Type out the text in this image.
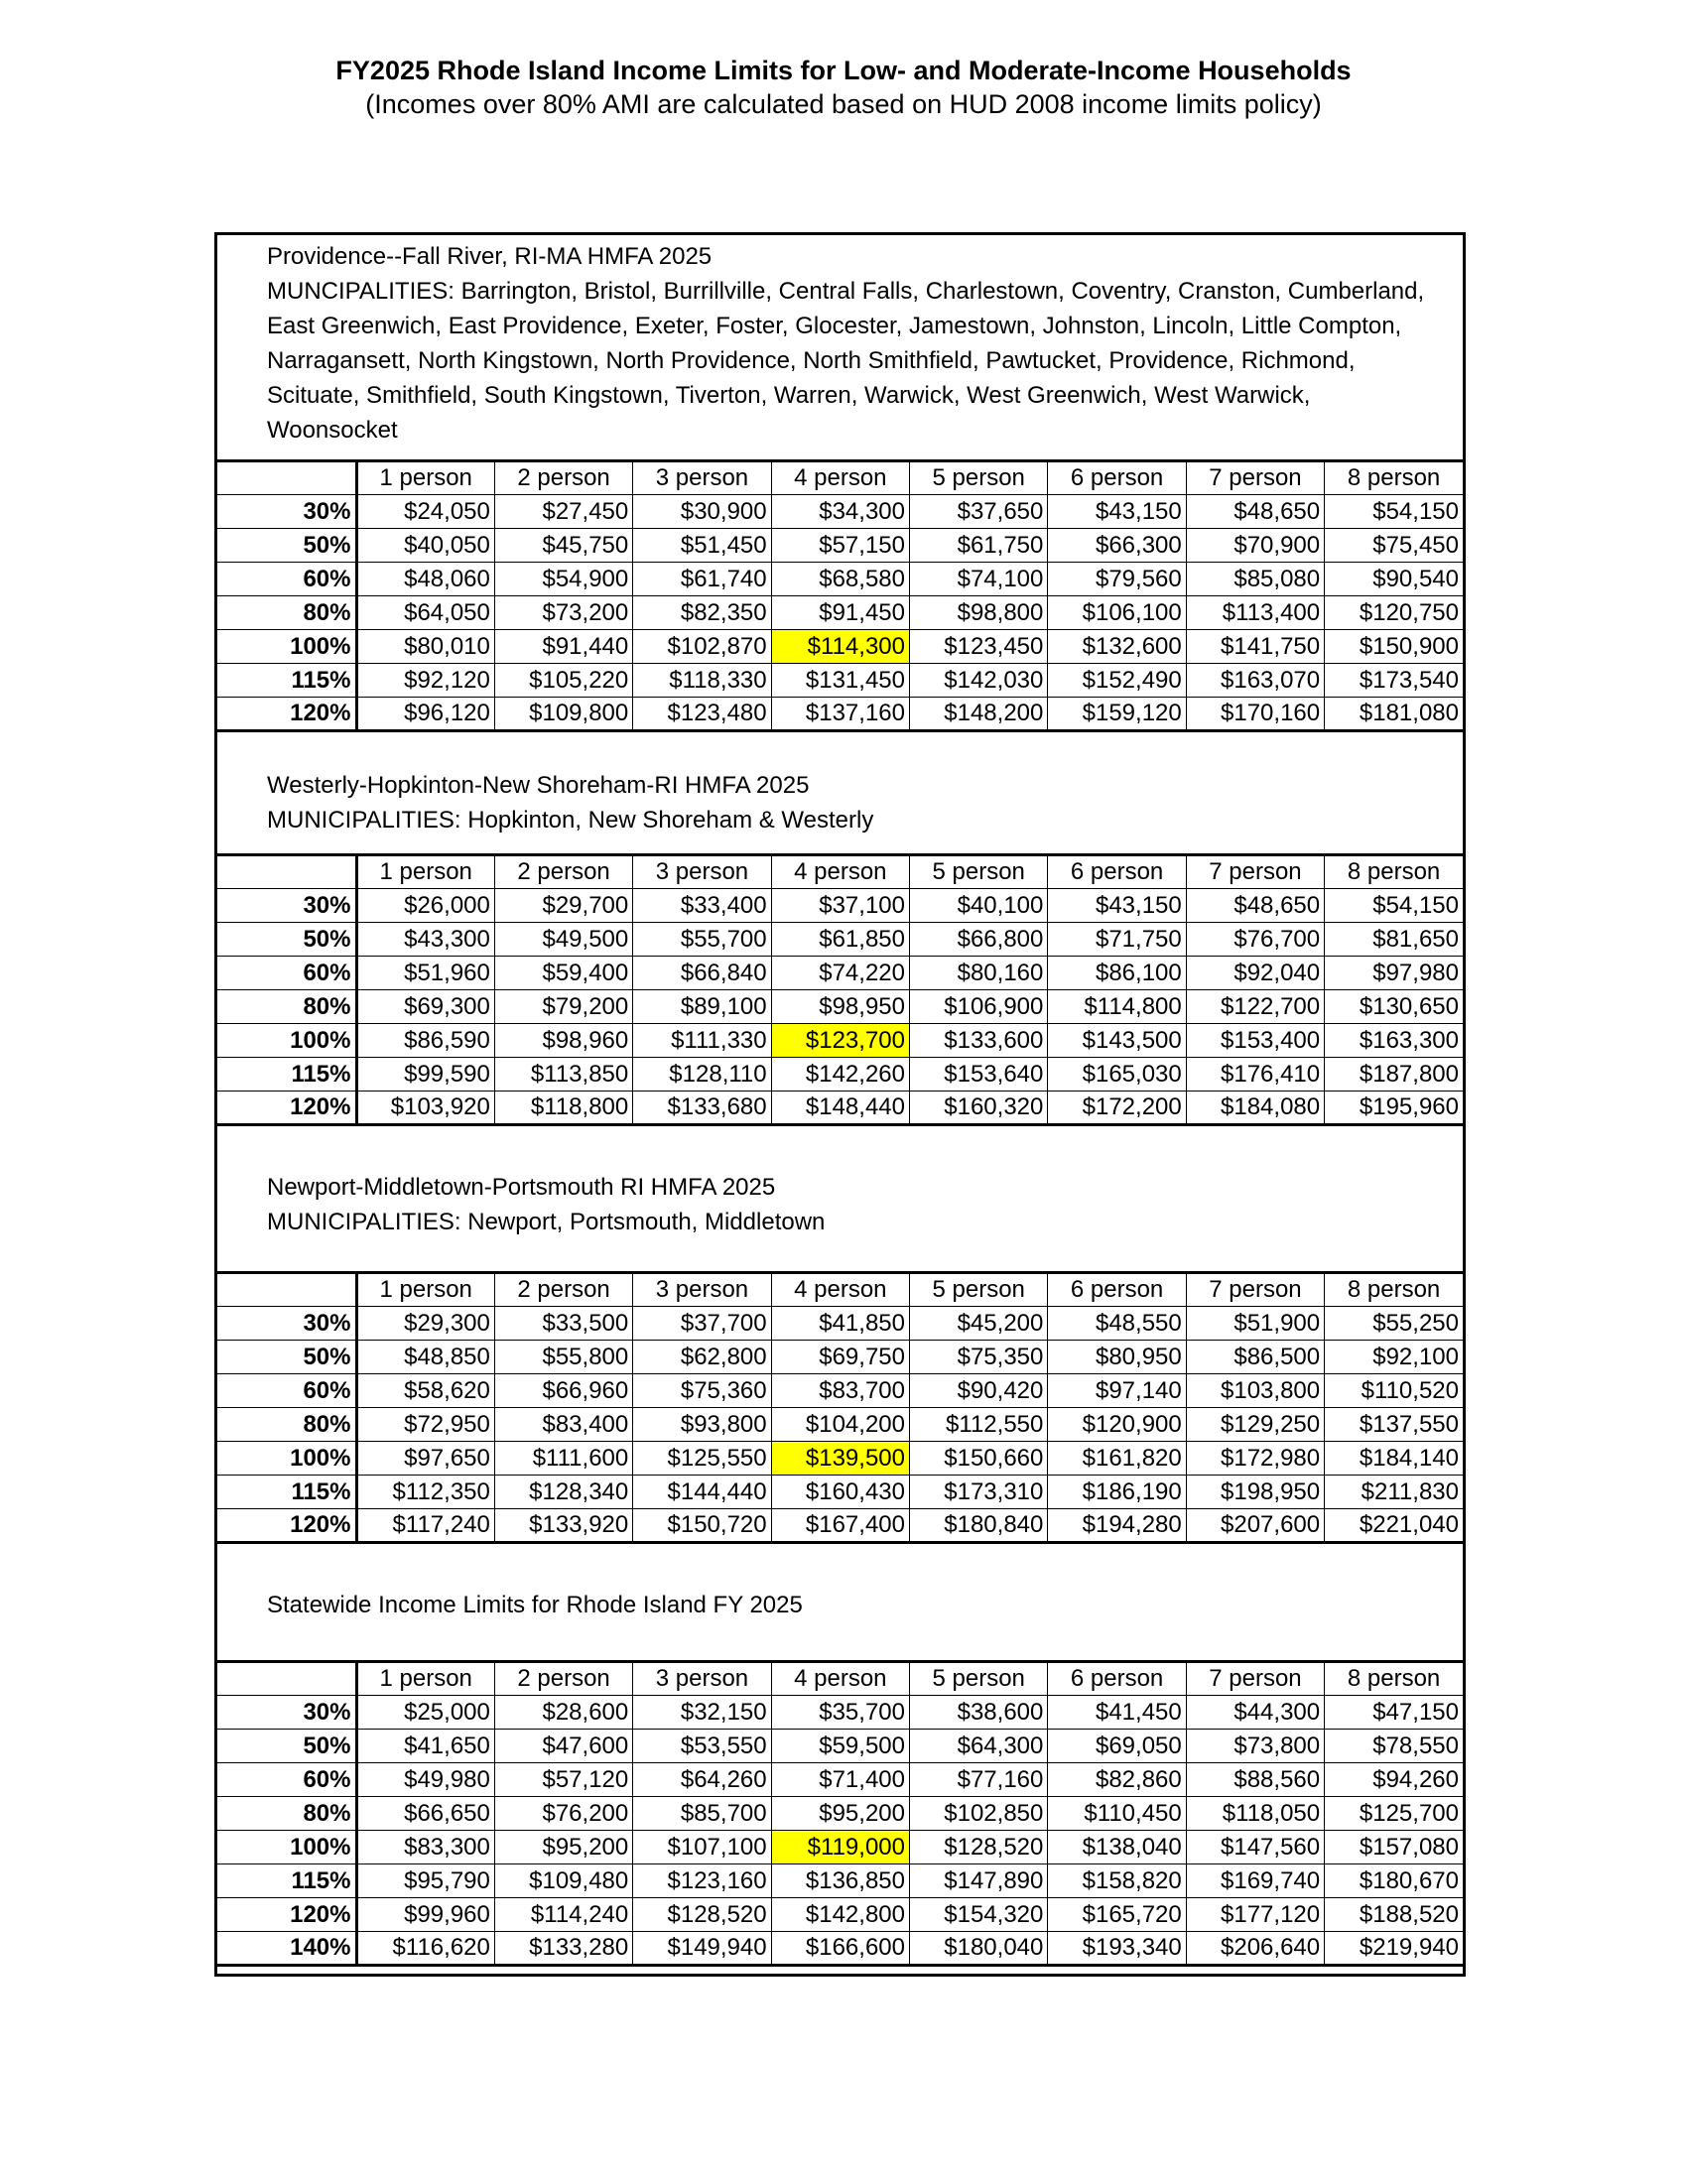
FY2025 Rhode Island Income Limits for Low- and Moderate-Income Households
(Incomes over 80% AMI are calculated based on HUD 2008 income limits policy)
Providence--Fall River, RI-MA HMFA 2025
MUNCIPALITIES: Barrington, Bristol, Burrillville, Central Falls, Charlestown, Coventry, Cranston, Cumberland,
East Greenwich, East Providence, Exeter, Foster, Glocester, Jamestown, Johnston, Lincoln, Little Compton,
Narragansett, North Kingstown, North Providence, North Smithfield, Pawtucket, Providence, Richmond,
Scituate, Smithfield, South Kingstown, Tiverton, Warren, Warwick, West Greenwich, West Warwick,
Woonsocket
	1 person	2 person	3 person	4 person	5 person	6 person	7 person	8 person
30%	$24,050	$27,450	$30,900	$34,300	$37,650	$43,150	$48,650	$54,150
50%	$40,050	$45,750	$51,450	$57,150	$61,750	$66,300	$70,900	$75,450
60%	$48,060	$54,900	$61,740	$68,580	$74,100	$79,560	$85,080	$90,540
80%	$64,050	$73,200	$82,350	$91,450	$98,800	$106,100	$113,400	$120,750
100%	$80,010	$91,440	$102,870	$114,300	$123,450	$132,600	$141,750	$150,900
115%	$92,120	$105,220	$118,330	$131,450	$142,030	$152,490	$163,070	$173,540
120%	$96,120	$109,800	$123,480	$137,160	$148,200	$159,120	$170,160	$181,080
Westerly-Hopkinton-New Shoreham-RI HMFA 2025
MUNICIPALITIES: Hopkinton, New Shoreham & Westerly
	1 person	2 person	3 person	4 person	5 person	6 person	7 person	8 person
30%	$26,000	$29,700	$33,400	$37,100	$40,100	$43,150	$48,650	$54,150
50%	$43,300	$49,500	$55,700	$61,850	$66,800	$71,750	$76,700	$81,650
60%	$51,960	$59,400	$66,840	$74,220	$80,160	$86,100	$92,040	$97,980
80%	$69,300	$79,200	$89,100	$98,950	$106,900	$114,800	$122,700	$130,650
100%	$86,590	$98,960	$111,330	$123,700	$133,600	$143,500	$153,400	$163,300
115%	$99,590	$113,850	$128,110	$142,260	$153,640	$165,030	$176,410	$187,800
120%	$103,920	$118,800	$133,680	$148,440	$160,320	$172,200	$184,080	$195,960
Newport-Middletown-Portsmouth RI HMFA 2025
MUNICIPALITIES: Newport, Portsmouth, Middletown
	1 person	2 person	3 person	4 person	5 person	6 person	7 person	8 person
30%	$29,300	$33,500	$37,700	$41,850	$45,200	$48,550	$51,900	$55,250
50%	$48,850	$55,800	$62,800	$69,750	$75,350	$80,950	$86,500	$92,100
60%	$58,620	$66,960	$75,360	$83,700	$90,420	$97,140	$103,800	$110,520
80%	$72,950	$83,400	$93,800	$104,200	$112,550	$120,900	$129,250	$137,550
100%	$97,650	$111,600	$125,550	$139,500	$150,660	$161,820	$172,980	$184,140
115%	$112,350	$128,340	$144,440	$160,430	$173,310	$186,190	$198,950	$211,830
120%	$117,240	$133,920	$150,720	$167,400	$180,840	$194,280	$207,600	$221,040
Statewide Income Limits for Rhode Island FY 2025
	1 person	2 person	3 person	4 person	5 person	6 person	7 person	8 person
30%	$25,000	$28,600	$32,150	$35,700	$38,600	$41,450	$44,300	$47,150
50%	$41,650	$47,600	$53,550	$59,500	$64,300	$69,050	$73,800	$78,550
60%	$49,980	$57,120	$64,260	$71,400	$77,160	$82,860	$88,560	$94,260
80%	$66,650	$76,200	$85,700	$95,200	$102,850	$110,450	$118,050	$125,700
100%	$83,300	$95,200	$107,100	$119,000	$128,520	$138,040	$147,560	$157,080
115%	$95,790	$109,480	$123,160	$136,850	$147,890	$158,820	$169,740	$180,670
120%	$99,960	$114,240	$128,520	$142,800	$154,320	$165,720	$177,120	$188,520
140%	$116,620	$133,280	$149,940	$166,600	$180,040	$193,340	$206,640	$219,940
